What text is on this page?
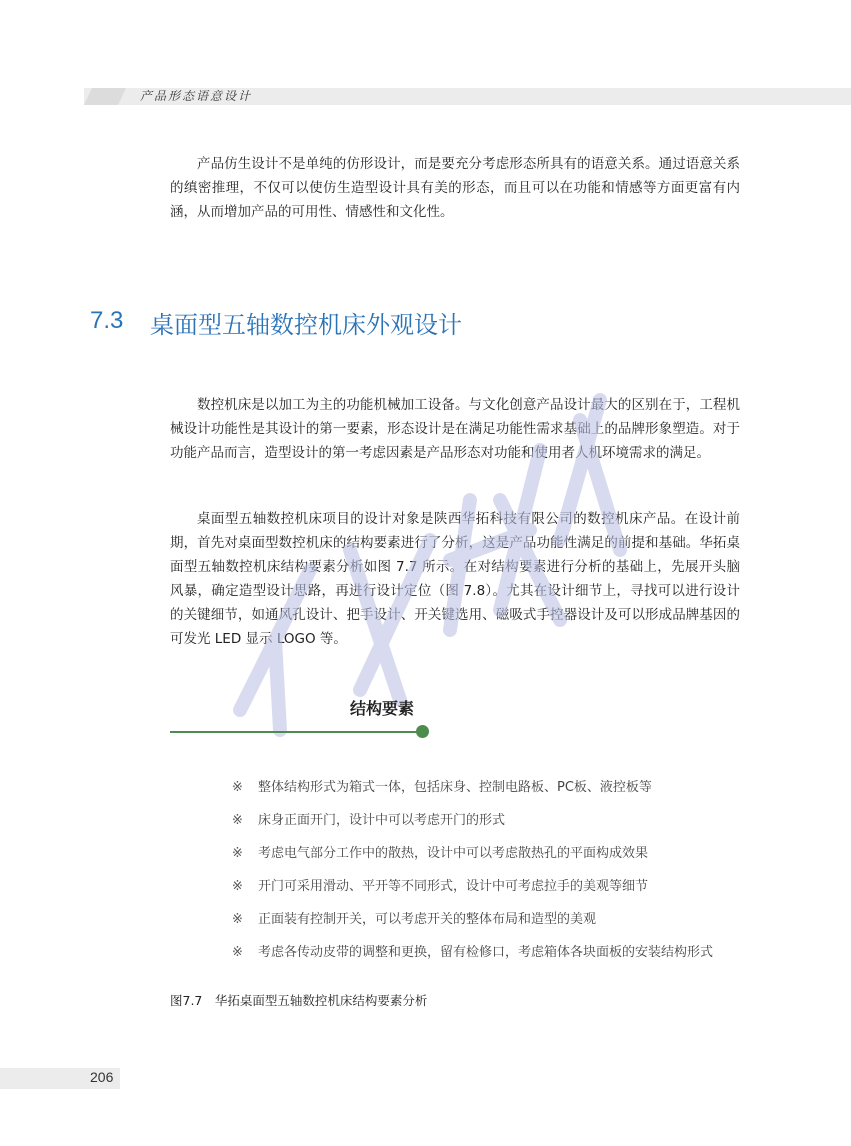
产品形态语意设计

产品仿生设计不是单纯的仿形设计，而是要充分考虑形态所具有的语意关系。通过语意关系的缜密推理，不仅可以使仿生造型设计具有美的形态，而且可以在功能和情感等方面更富有内涵，从而增加产品的可用性、情感性和文化性。

7.3 桌面型五轴数控机床外观设计

数控机床是以加工为主的功能机械加工设备。与文化创意产品设计最大的区别在于，工程机械设计功能性是其设计的第一要素，形态设计是在满足功能性需求基础上的品牌形象塑造。对于功能产品而言，造型设计的第一考虑因素是产品形态对功能和使用者人机环境需求的满足。

桌面型五轴数控机床项目的设计对象是陕西华拓科技有限公司的数控机床产品。在设计前期，首先对桌面型数控机床的结构要素进行了分析，这是产品功能性满足的前提和基础。华拓桌面型五轴数控机床结构要素分析如图 7.7 所示。在对结构要素进行分析的基础上，先展开头脑风暴，确定造型设计思路，再进行设计定位（图 7.8）。尤其在设计细节上，寻找可以进行设计的关键细节，如通风孔设计、把手设计、开关键选用、磁吸式手控器设计及可以形成品牌基因的可发光 LED 显示 LOGO 等。

结构要素
※ 整体结构形式为箱式一体，包括床身、控制电路板、PC板、液控板等
※ 床身正面开门，设计中可以考虑开门的形式
※ 考虑电气部分工作中的散热，设计中可以考虑散热孔的平面构成效果
※ 开门可采用滑动、平开等不同形式，设计中可考虑拉手的美观等细节
※ 正面装有控制开关，可以考虑开关的整体布局和造型的美观
※ 考虑各传动皮带的调整和更换，留有检修口，考虑箱体各块面板的安装结构形式
图7.7　华拓桌面型五轴数控机床结构要素分析
206
